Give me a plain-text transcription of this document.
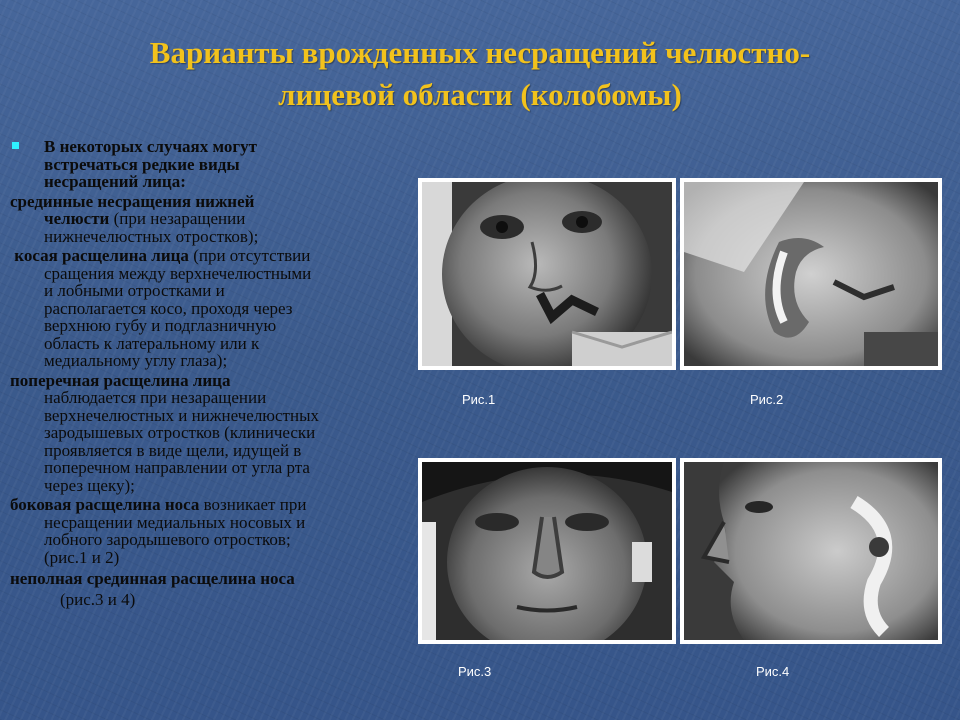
Варианты врожденных несращений челюстно-
лицевой области (колобомы)
В некоторых случаях могут
встречаться редкие виды
несращений лица:
срединные несращения нижней
челюсти (при незаращении
нижнечелюстных отростков);
косая расщелина лица (при отсутствии
сращения между верхнечелюстными
и лобными отростками и
располагается косо, проходя через
верхнюю губу и подглазничную
область к латеральному или к
медиальному углу глаза);
поперечная расщелина лица
наблюдается при незаращении
верхнечелюстных и нижнечелюстных
зародышевых отростков (клинически
проявляется в виде щели, идущей в
поперечном направлении от угла рта
через щеку);
боковая расщелина носа возникает при
несращении медиальных носовых и
лобного зародышевого отростков;
(рис.1 и 2)
неполная срединная расщелина носа
(рис.3 и 4)
Рис.1	Рис.2
Рис.3	Рис.4
